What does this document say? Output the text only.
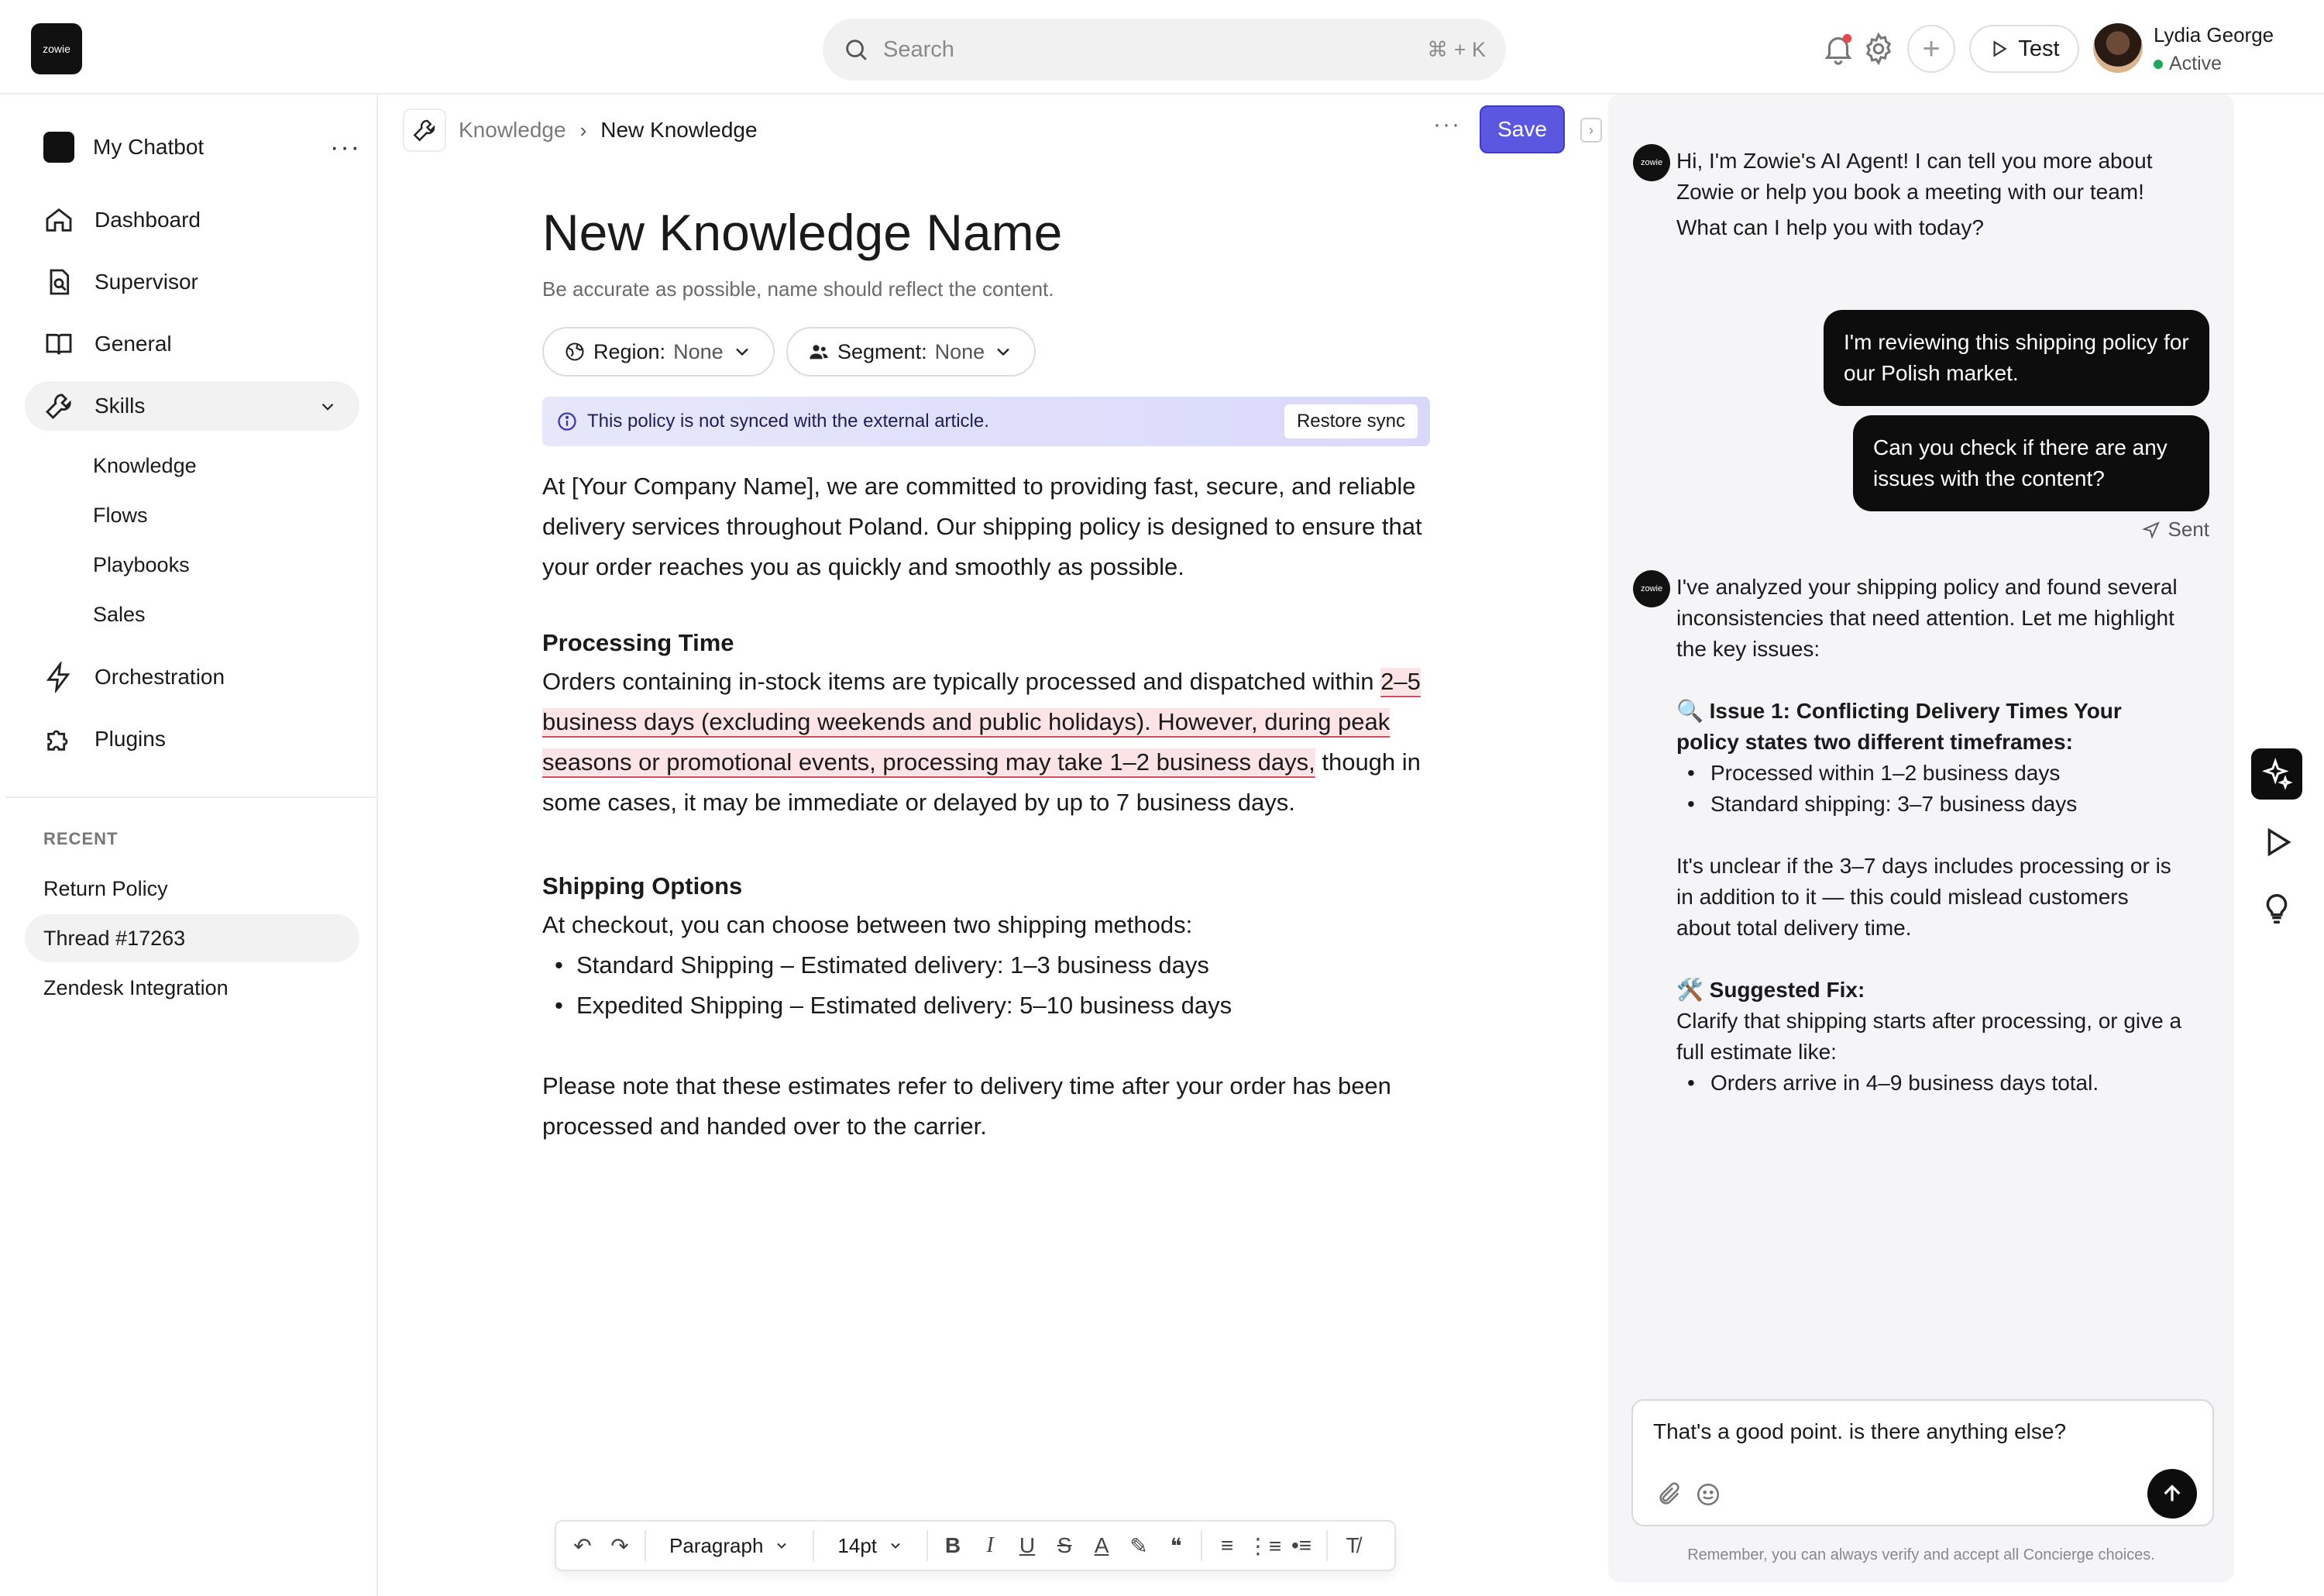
zowie	Search	⌘ + K	+	Test
Lydia George
Active
My Chatbot	···
Dashboard
Supervisor
General
Skills
Knowledge
Flows
Playbooks
Sales
Orchestration
Plugins
RECENT
Return Policy
Thread #17263
Zendesk Integration
Knowledge › New Knowledge	···	Save	›
New Knowledge Name
Be accurate as possible, name should reflect the content.
Region: None	Segment: None
This policy is not synced with the external article.	Restore sync

At [Your Company Name], we are committed to providing fast, secure, and reliable delivery services throughout Poland. Our shipping policy is designed to ensure that your order reaches you as quickly and smoothly as possible.

Processing Time

Orders containing in-stock items are typically processed and dispatched within 2–5 business days (excluding weekends and public holidays). However, during peak seasons or promotional events, processing may take 1–2 business days, though in some cases, it may be immediate or delayed by up to 7 business days.

Shipping Options

At checkout, you can choose between two shipping methods:

• Standard Shipping – Estimated delivery: 1–3 business days
• Expedited Shipping – Estimated delivery: 5–10 business days

Please note that these estimates refer to delivery time after your order has been processed and handed over to the carrier.

↶ ↷	Paragraph	14pt	B	I	U	S	A ✎	❝	≡ ⋮≡ •≡	T̸
zowie Hi, I'm Zowie's AI Agent! I can tell you more about Zowie or help you book a meeting with our team!
What can I help you with today?
I'm reviewing this shipping policy for our Polish market.
Can you check if there are any issues with the content?
Sent
zowie I've analyzed your shipping policy and found several inconsistencies that need attention. Let me highlight the key issues:
🔍 Issue 1: Conflicting Delivery Times Your policy states two different timeframes:
• Processed within 1–2 business days
• Standard shipping: 3–7 business days
It's unclear if the 3–7 days includes processing or is in addition to it — this could mislead customers about total delivery time.
🛠️ Suggested Fix:
Clarify that shipping starts after processing, or give a full estimate like:
• Orders arrive in 4–9 business days total.
That's a good point. is there anything else?
Remember, you can always verify and accept all Concierge choices.
